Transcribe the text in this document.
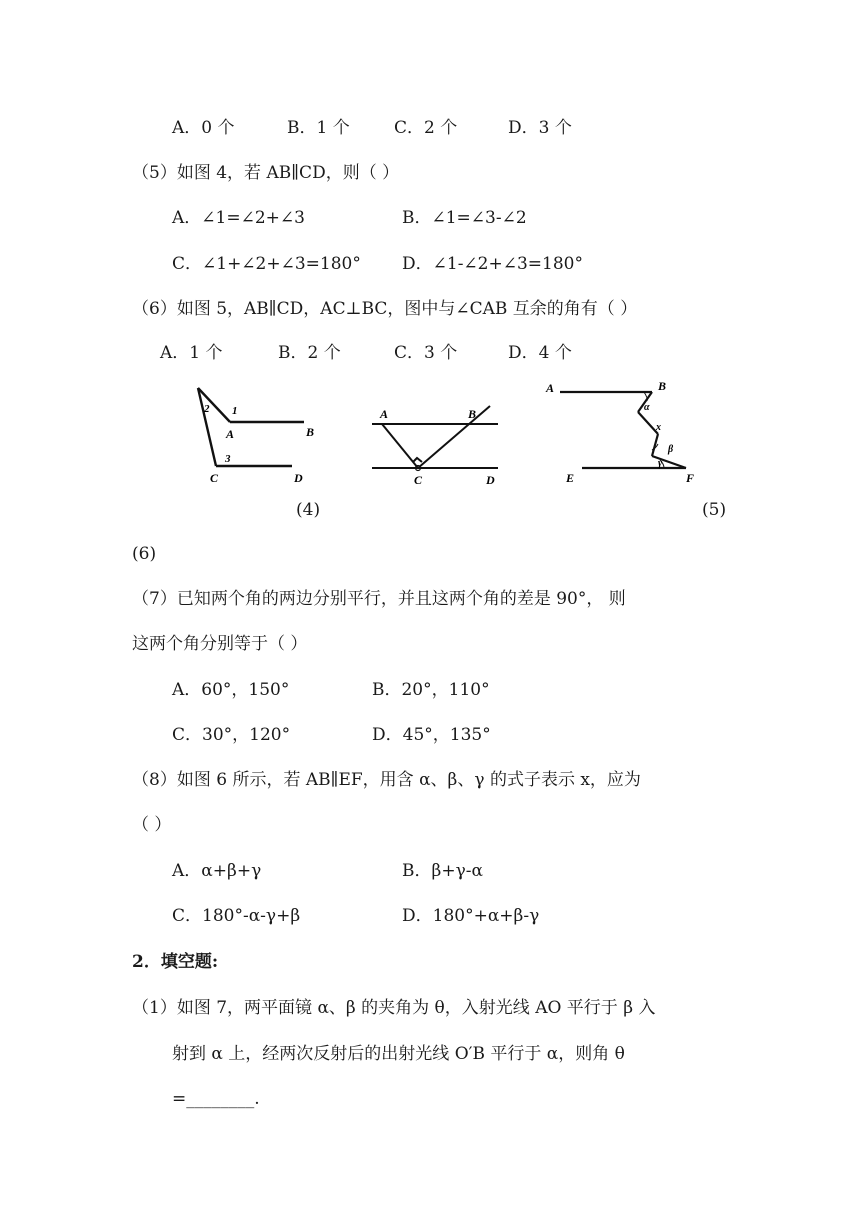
A．0 个	B．1 个	C．2 个	D．3 个
（5）如图 4，若 AB∥CD，则（ ）
A．∠1=∠2+∠3	B．∠1=∠3-∠2
C．∠1+∠2+∠3=180° D．∠1-∠2+∠3=180°
（6）如图 5，AB∥CD，AC⊥BC，图中与∠CAB 互余的角有（ ）
A．1 个	B．2 个	C．3 个	D．4 个
2 1
A	B
3
C	D
A	B
C	D
A	B
α
x
β
γ
E	F
(4)	(5)
(6)
（7）已知两个角的两边分别平行，并且这两个角的差是 90°， 则
这两个角分别等于（ ）
A．60°，150°	B．20°，110°
C．30°，120°	D．45°，135°
（8）如图 6 所示，若 AB∥EF，用含 α、β、γ 的式子表示 x，应为
（ ）
A．α+β+γ	B．β+γ-α
C．180°-α-γ+β	D．180°+α+β-γ
2．填空题:
（1）如图 7，两平面镜 α、β 的夹角为 θ，入射光线 AO 平行于 β 入
射到 α 上，经两次反射后的出射光线 O′B 平行于 α，则角 θ
=________.
